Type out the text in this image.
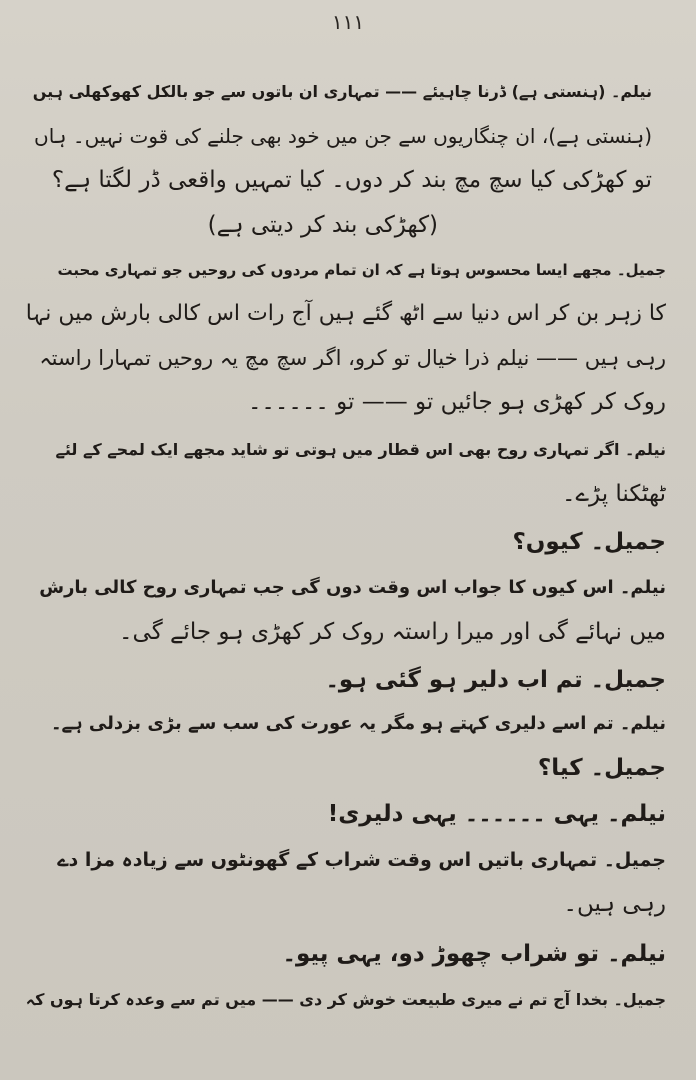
۱۱۱
نیلم۔ (ہنستی ہے) ڈرنا چاہیئے —— تمہاری ان باتوں سے جو بالکل کھوکھلی ہیں
(ہنستی ہے)، ان چنگاریوں سے جن میں خود بھی جلنے کی قوت نہیں۔ ہاں
تو کھڑکی کیا سچ مچ بند کر دوں۔ کیا تمہیں واقعی ڈر لگتا ہے؟
(کھڑکی بند کر دیتی ہے)
جمیل۔ مجھے ایسا محسوس ہوتا ہے کہ ان تمام مردوں کی روحیں جو تمہاری محبت
کا زہر بن کر اس دنیا سے اٹھ گئے ہیں آج رات اس کالی بارش میں نہا
رہی ہیں —— نیلم ذرا خیال تو کرو، اگر سچ مچ یہ روحیں تمہارا راستہ
روک کر کھڑی ہو جائیں تو —— تو ۔۔۔۔۔۔
نیلم۔ اگر تمہاری روح بھی اس قطار میں ہوتی تو شاید مجھے ایک لمحے کے لئے
ٹھٹکنا پڑے۔
جمیل۔ کیوں؟
نیلم۔ اس کیوں کا جواب اس وقت دوں گی جب تمہاری روح کالی بارش
میں نہائے گی اور میرا راستہ روک کر کھڑی ہو جائے گی۔
جمیل۔ تم اب دلیر ہو گئی ہو۔
نیلم۔ تم اسے دلیری کہتے ہو مگر یہ عورت کی سب سے بڑی بزدلی ہے۔
جمیل۔ کیا؟
نیلم۔ یہی ۔۔۔۔۔۔ یہی دلیری!
جمیل۔ تمہاری باتیں اس وقت شراب کے گھونٹوں سے زیادہ مزا دے
رہی ہیں۔
نیلم۔ تو شراب چھوڑ دو، یہی پیو۔
جمیل۔ بخدا آج تم نے میری طبیعت خوش کر دی —— میں تم سے وعدہ کرتا ہوں کہ
